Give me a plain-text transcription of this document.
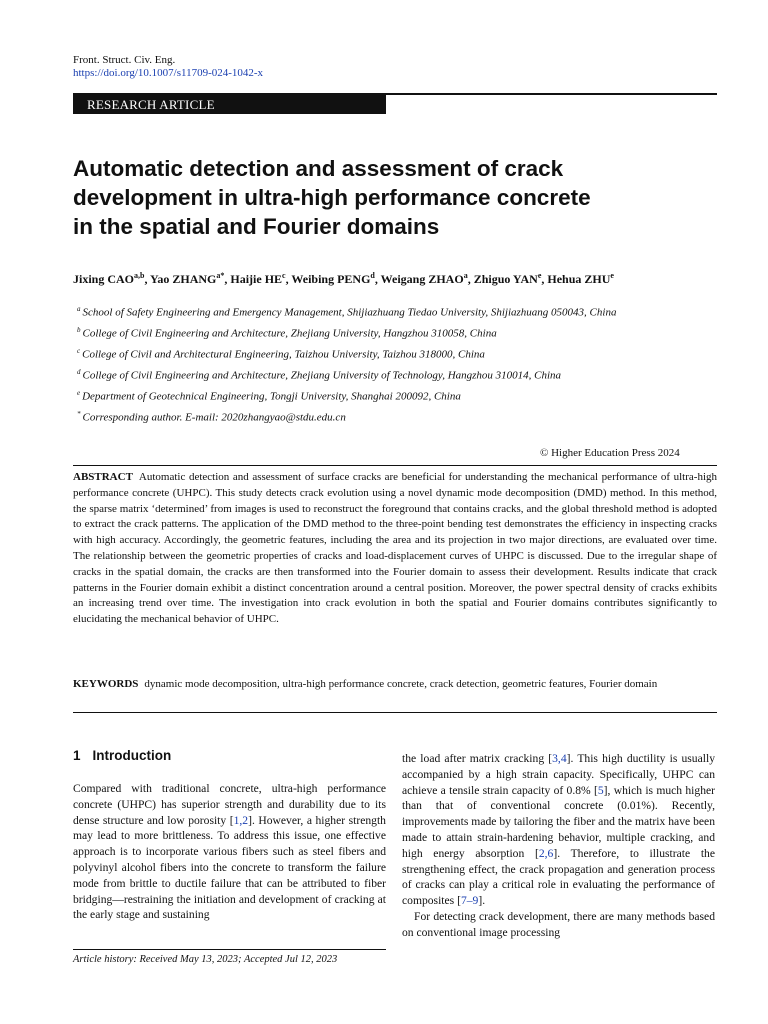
Front. Struct. Civ. Eng.
https://doi.org/10.1007/s11709-024-1042-x
RESEARCH ARTICLE
Automatic detection and assessment of crack
development in ultra-high performance concrete
in the spatial and Fourier domains
Jixing CAO$^{a,b}$, Yao $ZHANG^{a*}$, Haijie $HE^c$, Weibing PENG$^d$, Weigang ZHAO$^a$, Zhiguo YAN$^e$, Hehua ZHU$^e$
$^a$ School of Safety Engineering and Emergency Management, Shijiazhuang Tiedao University, Shijiazhuang 050043, China
$^b$ College of Civil Engineering and Architecture, Zhejiang University, Hangzhou 310058, China
$^c$ College of Civil and Architectural Engineering, Taizhou University, Taizhou 318000, China
$^d$ College of Civil Engineering and Architecture, Zhejiang University of Technology, Hangzhou 310014, China
$^e$ Department of Geotechnical Engineering, Tongji University, Shanghai 200092, China
* Corresponding author. E-mail: 2020zhangyao@stdu.edu.cn
© Higher Education Press 2024
ABSTRACT Automatic detection and assessment of surface cracks are beneficial for understanding the mechanical performance of ultra-high performance concrete (UHPC). This study detects crack evolution using a novel dynamic mode decomposition (DMD) method. In this method, the sparse matrix ‘determined’ from images is used to reconstruct the foreground that contains cracks, and the global threshold method is adopted to extract the crack patterns. The application of the DMD method to the three-point bending test demonstrates the efficiency in inspecting cracks with high accuracy. Accordingly, the geometric features, including the area and its projection in two major directions, are evaluated over time. The relationship between the geometric properties of cracks and load-displacement curves of UHPC is discussed. Due to the irregular shape of cracks in the spatial domain, the cracks are then transformed into the Fourier domain to assess their development. Results indicate that crack patterns in the Fourier domain exhibit a distinct concentration around a central position. Moreover, the power spectral density of cracks exhibits an increasing trend over time. The investigation into crack evolution in both the spatial and Fourier domains contributes significantly to elucidating the mechanical behavior of UHPC.
KEYWORDS dynamic mode decomposition, ultra-high performance concrete, crack detection, geometric features, Fourier domain
1 Introduction

Compared with traditional concrete, ultra-high performance concrete (UHPC) has superior strength and durability due to its dense structure and low porosity [1,2]. However, a higher strength may lead to more brittleness. To address this issue, one effective approach is to incorporate various fibers such as steel fibers and polyvinyl alcohol fibers into the concrete to transform the failure mode from brittle to ductile failure that can be attributed to fiber bridging—restraining the initiation and development of cracking at the early stage and sustaining

the load after matrix cracking [3,4]. This high ductility is usually accompanied by a high strain capacity. Specifically, UHPC can achieve a tensile strain capacity of 0.8% [5], which is much higher than that of conventional concrete (0.01%). Recently, improvements made by tailoring the fiber and the matrix have been made to attain strain-hardening behavior, multiple cracking, and high energy absorption [2,6]. Therefore, to illustrate the strengthening effect, the crack propagation and generation process of cracks can play a critical role in evaluating the performance of composites [7–9].

For detecting crack development, there are many methods based on conventional image processing

Article history: Received May 13, 2023; Accepted Jul 12, 2023
